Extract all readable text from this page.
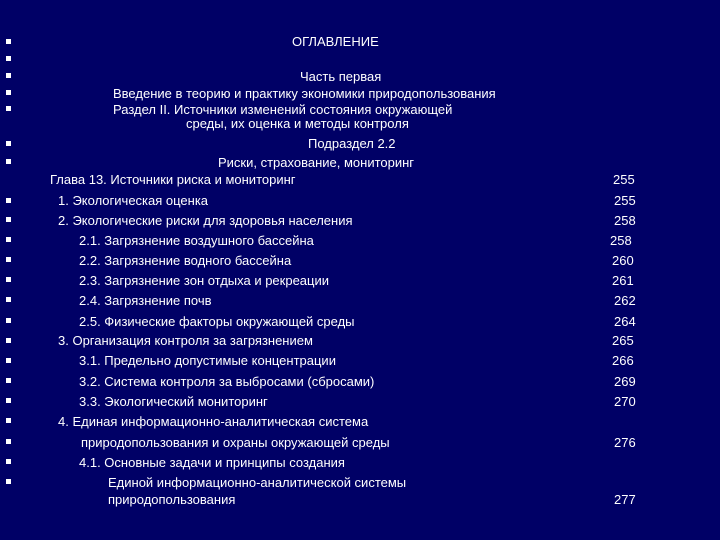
ОГЛАВЛЕНИЕ
Часть первая
Введение в теорию и практику экономики природопользования
Раздел II. Источники изменений состояния окружающей
среды, их оценка и методы контроля
Подраздел 2.2
Риски, страхование, мониторинг
Глава 13. Источники риска и мониторинг	255
1. Экологическая оценка	255
2. Экологические риски для здоровья населения	258
2.1. Загрязнение воздушного бассейна	258
2.2. Загрязнение водного бассейна	260
2.3. Загрязнение зон отдыха и рекреации	261
2.4. Загрязнение почв	262
2.5. Физические факторы окружающей среды	264
3. Организация контроля за загрязнением	265
3.1. Предельно допустимые концентрации	266
3.2. Система контроля за выбросами (сбросами)	269
3.3. Экологический мониторинг	270
4. Единая информационно-аналитическая система
природопользования и охраны окружающей среды	276
4.1. Основные задачи и принципы создания
Единой информационно-аналитической системы
природопользования	277
